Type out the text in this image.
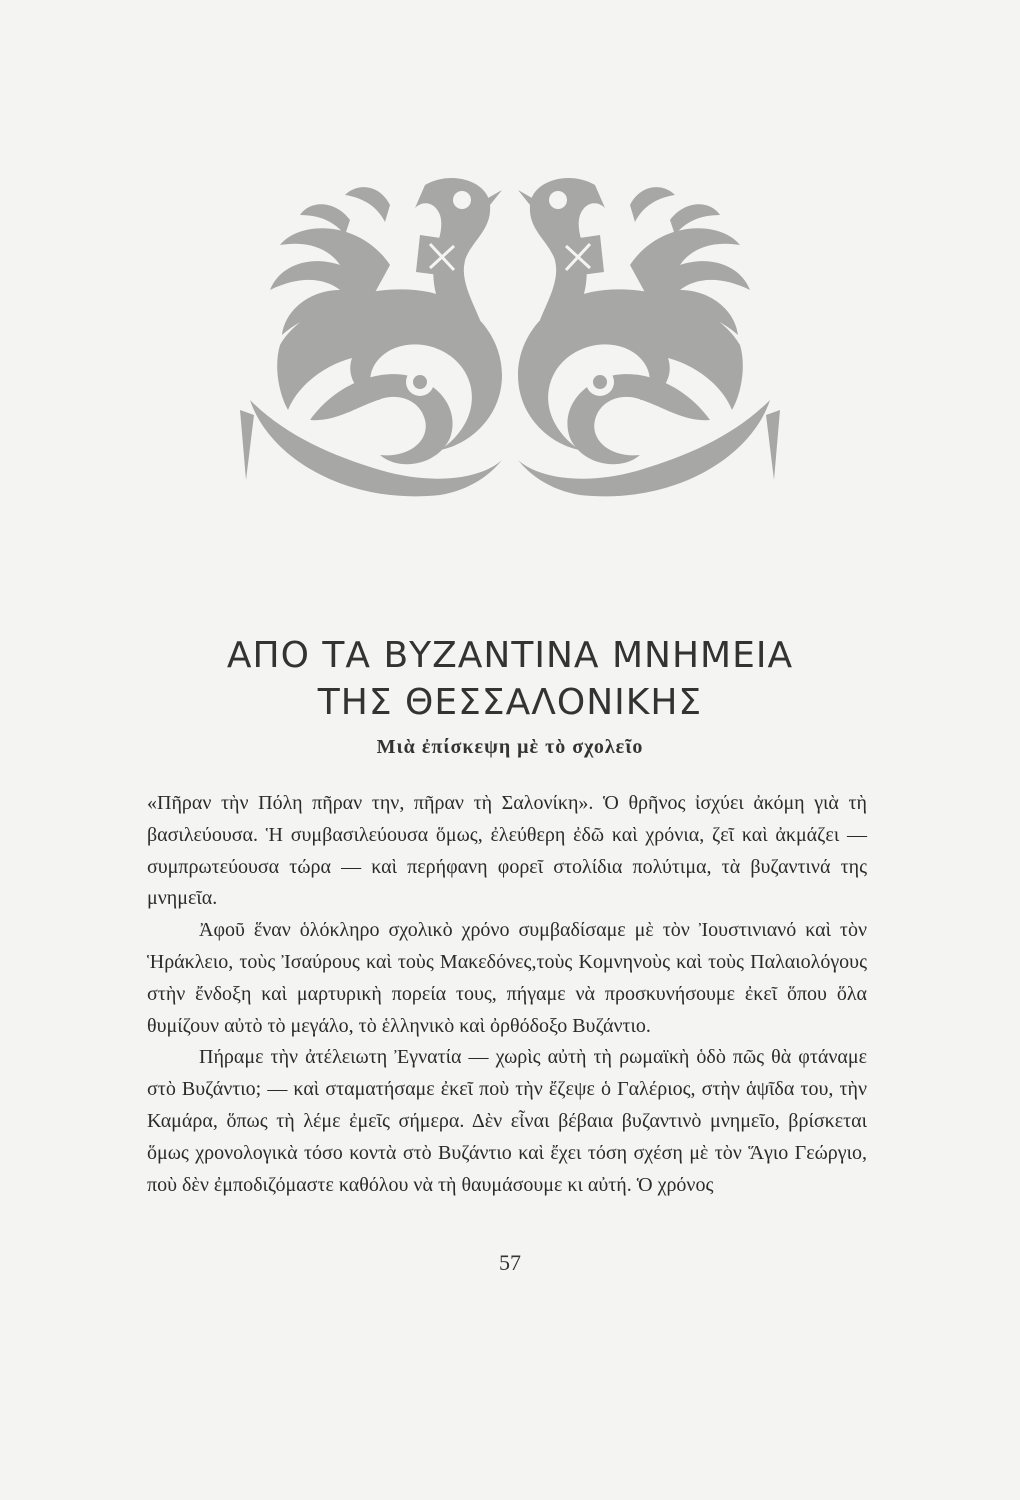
ΑΠΟ ΤΑ ΒΥΖΑΝΤΙΝΑ ΜΝΗΜΕΙΑ
ΤΗΣ ΘΕΣΣΑΛΟΝΙΚΗΣ
Μιὰ ἐπίσκεψη μὲ τὸ σχολεῖο

«Πῆραν τὴν Πόλη πῆραν την, πῆραν τὴ Σαλονίκη». Ὁ θρῆνος ἰσχύει ἀκόμη γιὰ τὴ βασιλεύουσα. Ἡ συμβασιλεύουσα ὅμως, ἐλεύθερη ἐδῶ καὶ χρόνια, ζεῖ καὶ ἀκμάζει — συμπρωτεύουσα τώρα — καὶ περήφανη φορεῖ στολίδια πολύτιμα, τὰ βυζαντινά της μνημεῖα.

Ἀφοῦ ἕναν ὁλόκληρο σχολικὸ χρόνο συμβαδίσαμε μὲ τὸν Ἰουστινιανό καὶ τὸν Ἡράκλειο, τοὺς Ἰσαύρους καὶ τοὺς Μακεδόνες,τοὺς Κομνηνοὺς καὶ τοὺς Παλαιολόγους στὴν ἔνδοξη καὶ μαρτυρικὴ πορεία τους, πήγαμε νὰ προσκυνήσουμε ἐκεῖ ὅπου ὅλα θυμίζουν αὐτὸ τὸ μεγάλο, τὸ ἑλληνικὸ καὶ ὀρθόδοξο Βυζάντιο.

Πήραμε τὴν ἀτέλειωτη Ἐγνατία — χωρὶς αὐτὴ τὴ ρωμαϊκὴ ὁδὸ πῶς θὰ φτάναμε στὸ Βυζάντιο; — καὶ σταματήσαμε ἐκεῖ ποὺ τὴν ἔζεψε ὁ Γαλέριος, στὴν ἁψῖδα του, τὴν Καμάρα, ὅπως τὴ λέμε ἐμεῖς σήμερα. Δὲν εἶναι βέβαια βυζαντινὸ μνημεῖο, βρίσκεται ὅμως χρονολογικὰ τόσο κοντὰ στὸ Βυζάντιο καὶ ἔχει τόση σχέση μὲ τὸν Ἅγιο Γεώργιο, ποὺ δὲν ἐμποδιζόμαστε καθόλου νὰ τὴ θαυμάσουμε κι αὐτή. Ὁ χρόνος

57
